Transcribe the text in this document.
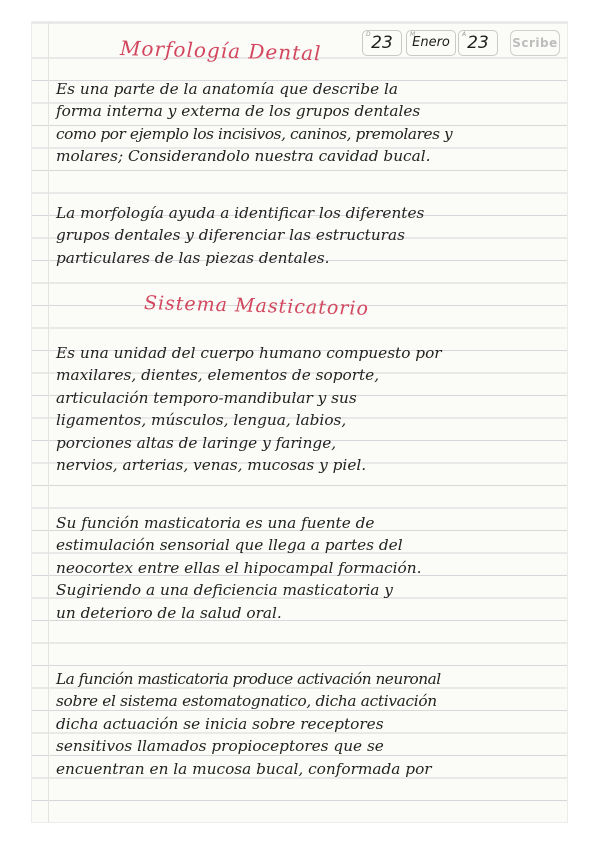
Morfología Dental
D 23	M
Enero
A 23	Scribe
Es una parte de la anatomía que describe la
forma interna y externa de los grupos dentales
como por ejemplo los incisivos, caninos, premolares y
molares; Considerandolo nuestra cavidad bucal.
La morfología ayuda a identificar los diferentes
grupos dentales y diferenciar las estructuras
particulares de las piezas dentales.
Sistema Masticatorio
Es una unidad del cuerpo humano compuesto por
maxilares, dientes, elementos de soporte,
articulación temporo-mandibular y sus
ligamentos, músculos, lengua, labios,
porciones altas de laringe y faringe,
nervios, arterias, venas, mucosas y piel.
Su función masticatoria es una fuente de
estimulación sensorial que llega a partes del
neocortex entre ellas el hipocampal formación.
Sugiriendo a una deficiencia masticatoria y
un deterioro de la salud oral.
La función masticatoria produce activación neuronal
sobre el sistema estomatognatico, dicha activación
dicha actuación se inicia sobre receptores
sensitivos llamados propioceptores que se
encuentran en la mucosa bucal, conformada por
